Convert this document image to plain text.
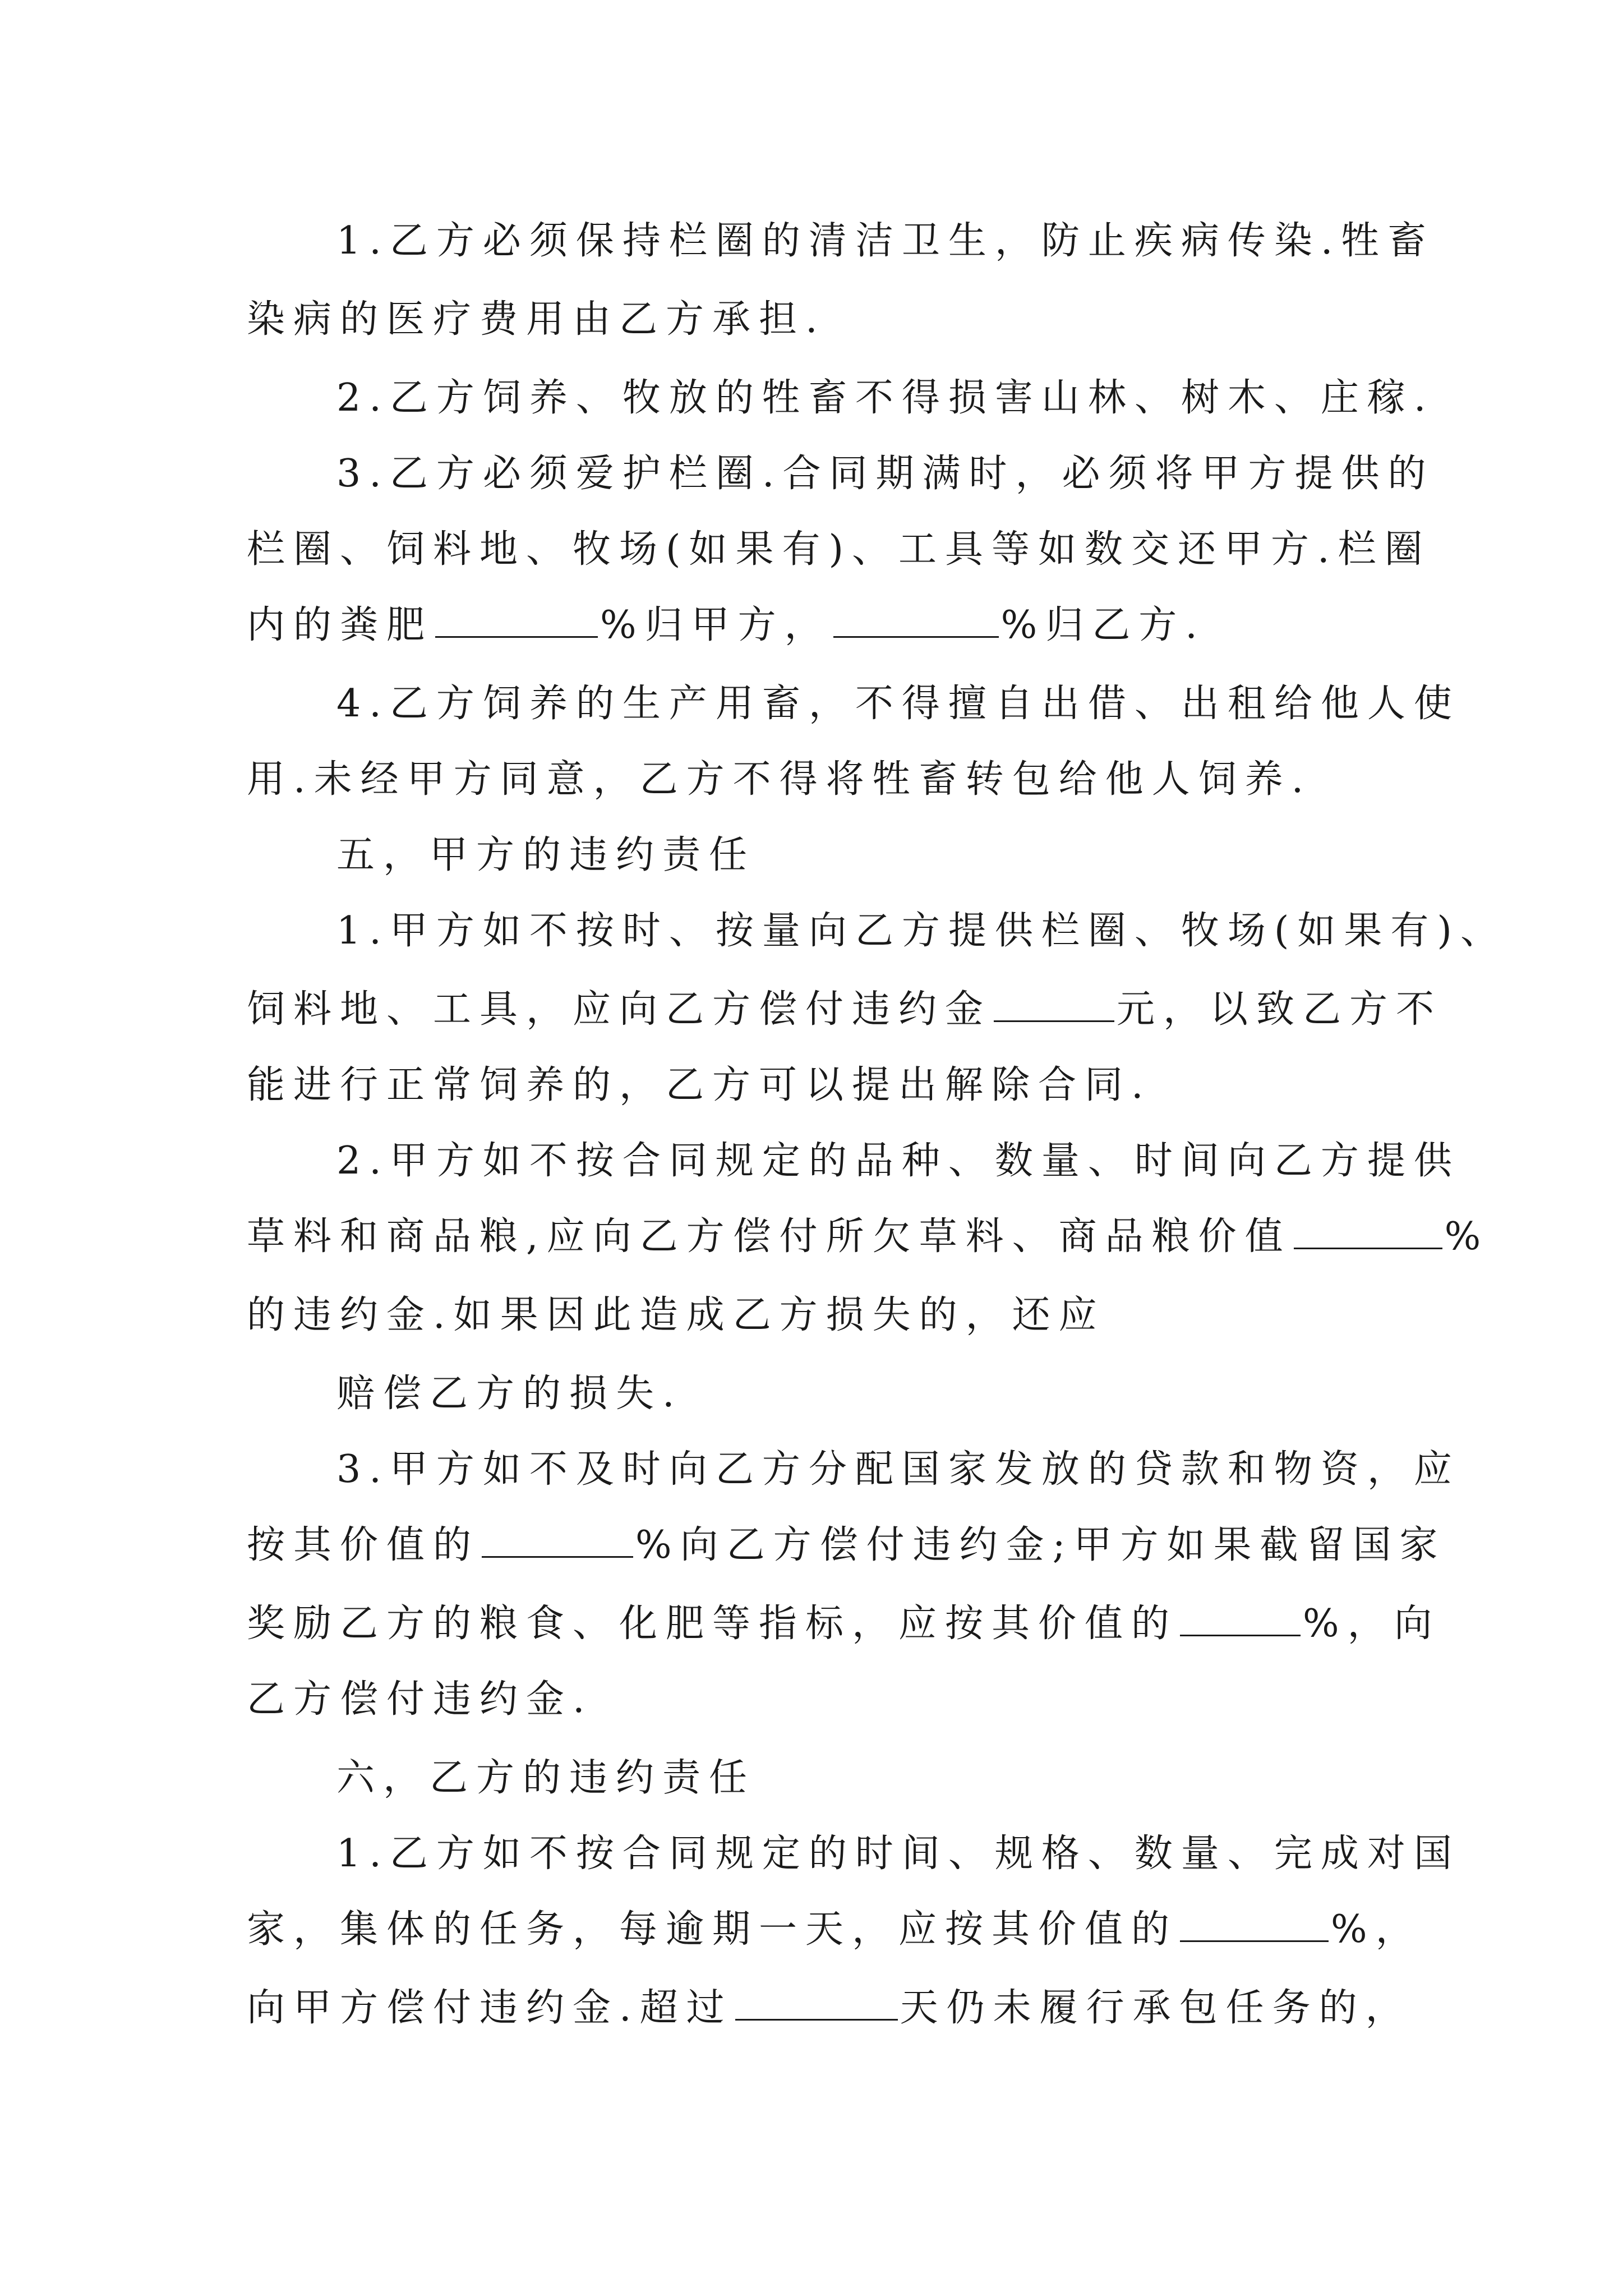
1.乙方必须保持栏圈的清洁卫生，防止疾病传染.牲畜
染病的医疗费用由乙方承担.
2.乙方饲养、牧放的牲畜不得损害山林、树木、庄稼.
3.乙方必须爱护栏圈.合同期满时，必须将甲方提供的
栏圈、饲料地、牧场(如果有)、工具等如数交还甲方.栏圈
内的粪肥	%归甲方，	%归乙方.
4.乙方饲养的生产用畜，不得擅自出借、出租给他人使
用.未经甲方同意，乙方不得将牲畜转包给他人饲养.
五，甲方的违约责任
1.甲方如不按时、按量向乙方提供栏圈、牧场(如果有)、
饲料地、工具，应向乙方偿付违约金	元，以致乙方不
能进行正常饲养的，乙方可以提出解除合同.
2.甲方如不按合同规定的品种、数量、时间向乙方提供
草料和商品粮,应向乙方偿付所欠草料、商品粮价值	%
的违约金.如果因此造成乙方损失的，还应
赔偿乙方的损失.
3.甲方如不及时向乙方分配国家发放的贷款和物资，应
按其价值的	%向乙方偿付违约金;甲方如果截留国家
奖励乙方的粮食、化肥等指标，应按其价值的	%，向
乙方偿付违约金.
六，乙方的违约责任
1.乙方如不按合同规定的时间、规格、数量、完成对国
家，集体的任务，每逾期一天，应按其价值的	%，
向甲方偿付违约金.超过	天仍未履行承包任务的，
